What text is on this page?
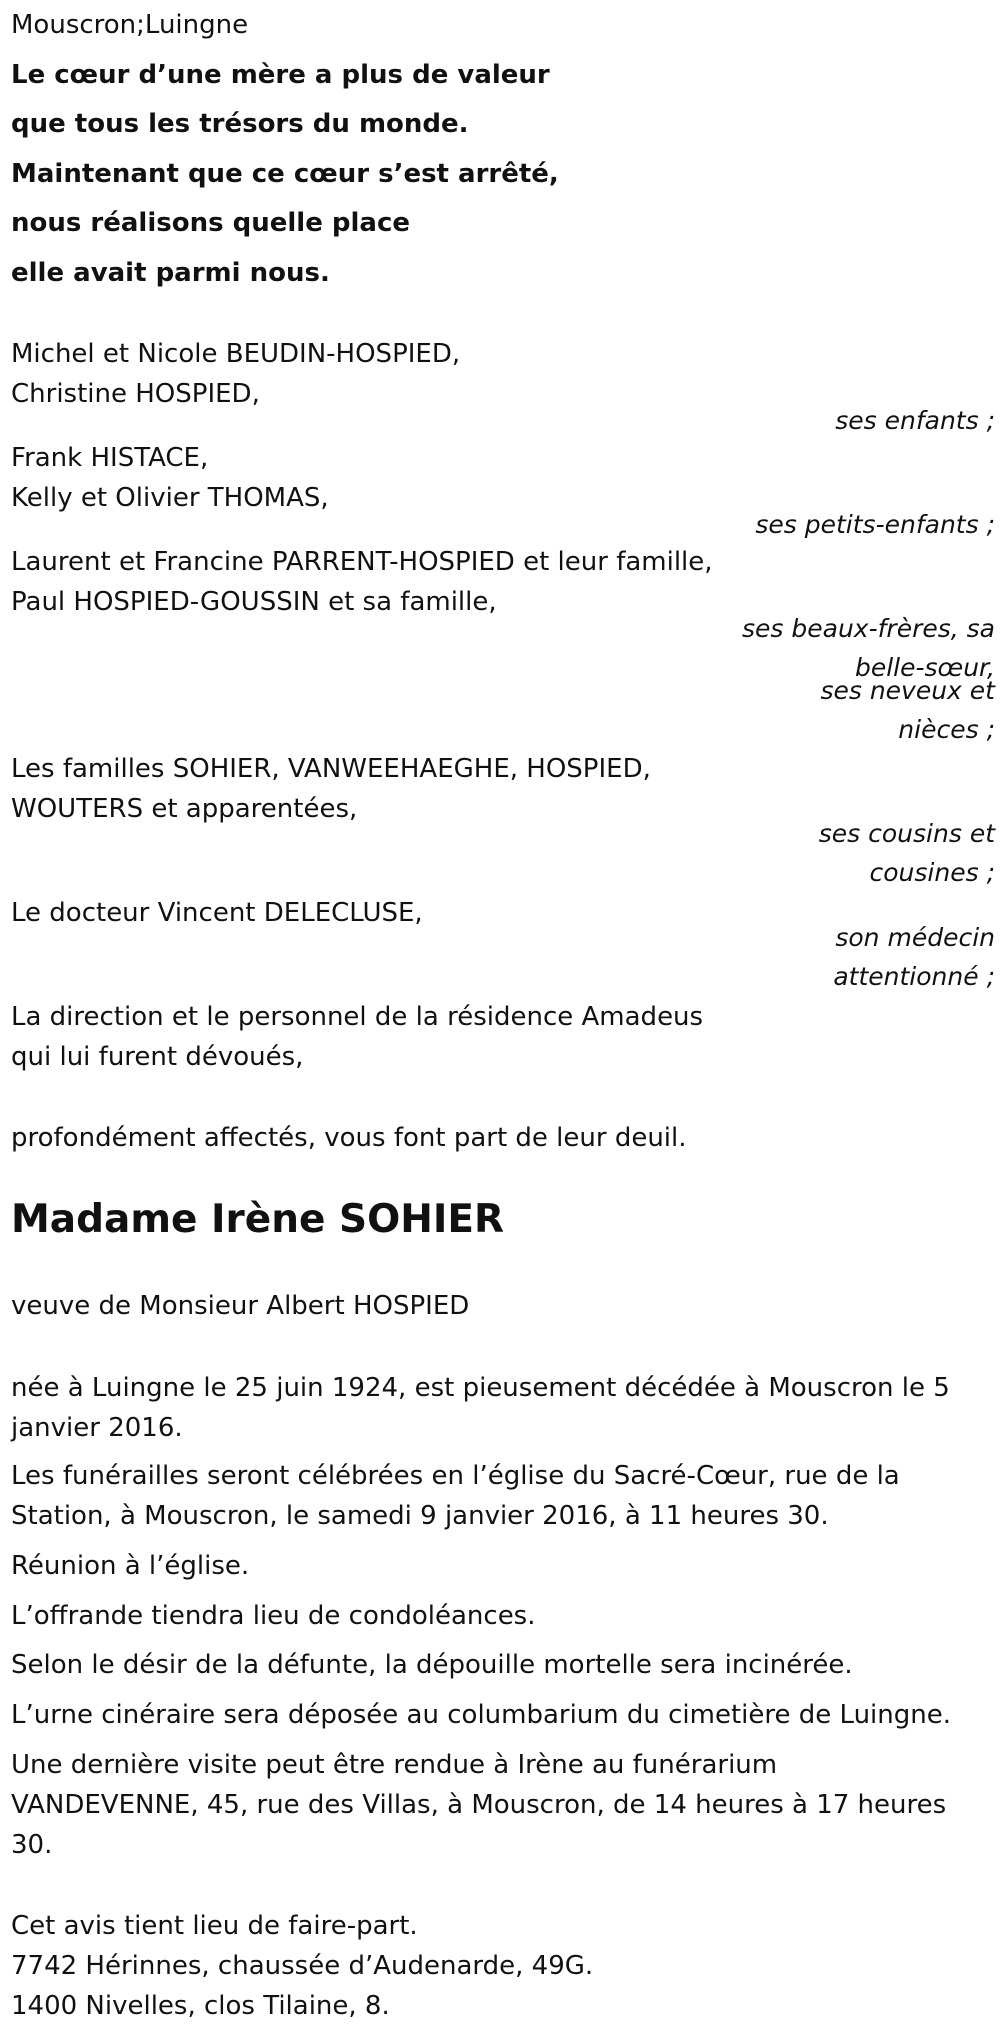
Mouscron;Luingne

Le cœur d’une mère a plus de valeur

que tous les trésors du monde.

Maintenant que ce cœur s’est arrêté,

nous réalisons quelle place

elle avait parmi nous.

Michel et Nicole BEUDIN-HOSPIED,

Christine HOSPIED,

ses enfants ;

Frank HISTACE,

Kelly et Olivier THOMAS,

ses petits-enfants ;

Laurent et Francine PARRENT-HOSPIED et leur famille,

Paul HOSPIED-GOUSSIN et sa famille,

ses beaux-frères, sa

belle-sœur,

ses neveux et

nièces ;

Les familles SOHIER, VANWEEHAEGHE, HOSPIED,

WOUTERS et apparentées,

ses cousins et

cousines ;

Le docteur Vincent DELECLUSE,

son médecin

attentionné ;

La direction et le personnel de la résidence Amadeus

qui lui furent dévoués,

profondément affectés, vous font part de leur deuil.

Madame Irène SOHIER

veuve de Monsieur Albert HOSPIED

née à Luingne le 25 juin 1924, est pieusement décédée à Mouscron le 5

janvier 2016.

Les funérailles seront célébrées en l’église du Sacré-Cœur, rue de la

Station, à Mouscron, le samedi 9 janvier 2016, à 11 heures 30.

Réunion à l’église.

L’offrande tiendra lieu de condoléances.

Selon le désir de la défunte, la dépouille mortelle sera incinérée.

L’urne cinéraire sera déposée au columbarium du cimetière de Luingne.

Une dernière visite peut être rendue à Irène au funérarium

VANDEVENNE, 45, rue des Villas, à Mouscron, de 14 heures à 17 heures

30.

Cet avis tient lieu de faire-part.

7742 Hérinnes, chaussée d’Audenarde, 49G.

1400 Nivelles, clos Tilaine, 8.
